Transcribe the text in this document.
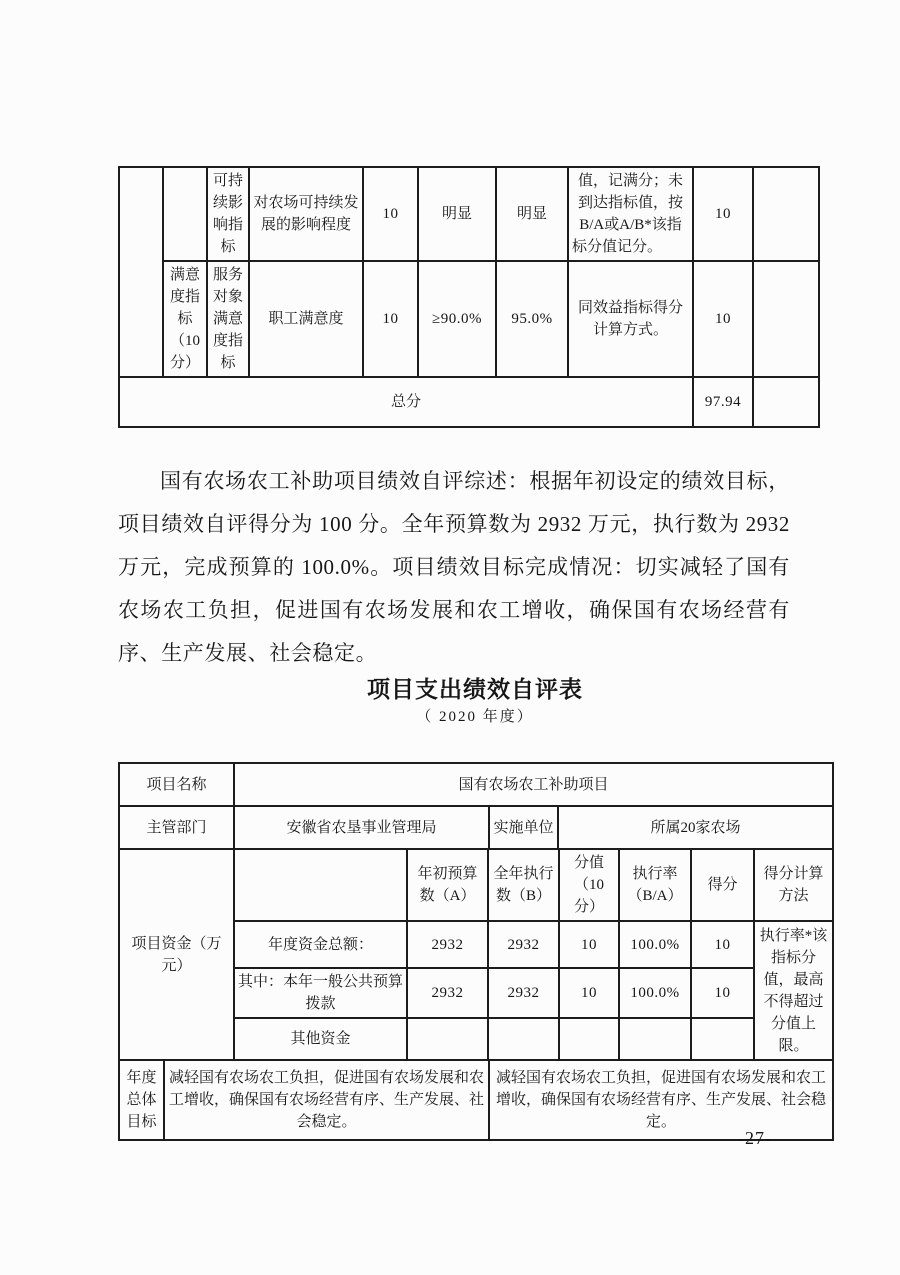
		可持续影响指标	对农场可持续发展的影响程度	10	明显	明显	值，记满分；未到达指标值，按B/A或A/B*该指标分值记分。	10	
	满意度指标（10分）	服务对象满意度指标	职工满意度	10	≥90.0%	95.0%	同效益指标得分计算方式。	10	
总分								97.94	
国有农场农工补助项目绩效自评综述：根据年初设定的绩效目标，项目绩效自评得分为 100 分。全年预算数为 2932 万元，执行数为 2932 万元，完成预算的 100.0%。项目绩效目标完成情况：切实减轻了国有农场农工负担，促进国有农场发展和农工增收，确保国有农场经营有序、生产发展、社会稳定。
项目支出绩效自评表
（ 2020 年度）
项目名称	国有农场农工补助项目		
主管部门	安徽省农垦事业管理局	实施单位	所属20家农场
项目资金（万元）		年初预算数（A）	全年执行数（B）	分值（10分）	执行率（B/A）	得分	得分计算方法
	年度资金总额：	2932	2932	10	100.0%	10	执行率*该指标分值，最高不得超过分值上限。
	其中：本年一般公共预算拨款	2932	2932	10	100.0%	10	
	其他资金						
年度总体目标	减轻国有农场农工负担，促进国有农场发展和农工增收，确保国有农场经营有序、生产发展、社会稳定。	减轻国有农场农工负担，促进国有农场发展和农工增收，确保国有农场经营有序、生产发展、社会稳定。
-27-
